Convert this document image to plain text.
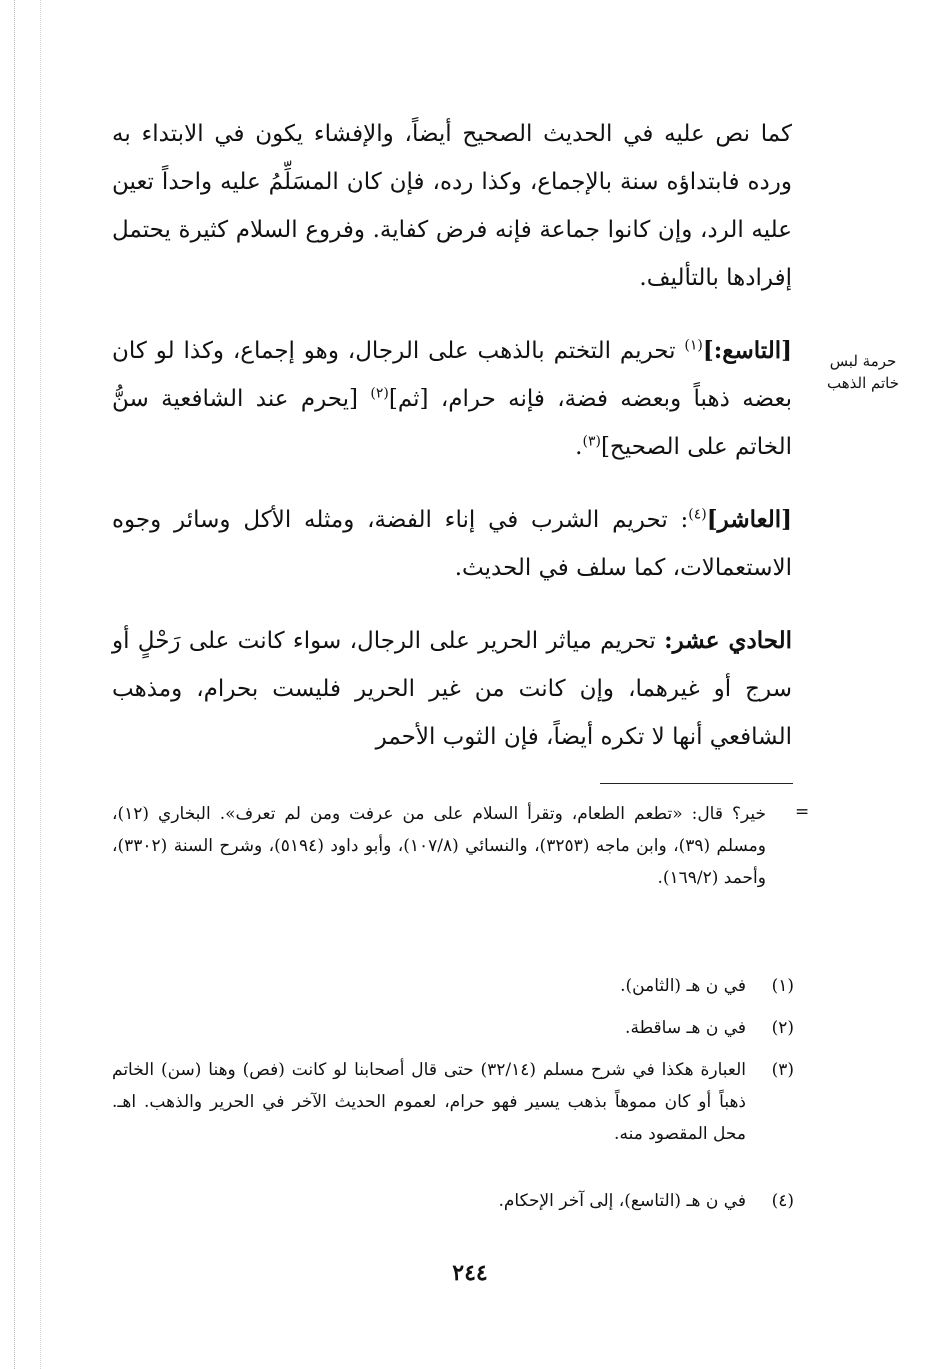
كما نص عليه في الحديث الصحيح أيضاً، والإفشاء يكون في الابتداء به ورده فابتداؤه سنة بالإجماع، وكذا رده، فإن كان المسَلِّمُ عليه واحداً تعين عليه الرد، وإن كانوا جماعة فإنه فرض كفاية. وفروع السلام كثيرة يحتمل إفرادها بالتأليف.

حرمة لبس
خاتم الذهب

[التاسع:]$^{(١)}$ تحريم التختم بالذهب على الرجال، وهو إجماع، وكذا لو كان بعضه ذهباً وبعضه فضة، فإنه حرام، [ثم]$^{(٢)}$ [يحرم عند الشافعية سنُّ الخاتم على الصحيح]$^{(٣)}$.

[العاشر]$^{(٤)}$: تحريم الشرب في إناء الفضة، ومثله الأكل وسائر وجوه الاستعمالات، كما سلف في الحديث.

الحادي عشر: تحريم مياثر الحرير على الرجال، سواء كانت على رَحْلٍ أو سرج أو غيرهما، وإن كانت من غير الحرير فليست بحرام، ومذهب الشافعي أنها لا تكره أيضاً، فإن الثوب الأحمر

=
خير؟ قال: «تطعم الطعام، وتقرأ السلام على من عرفت ومن لم تعرف». البخاري (١٢)، ومسلم (٣٩)، وابن ماجه (٣٢٥٣)، والنسائي (١٠٧/٨)، وأبو داود (٥١٩٤)، وشرح السنة (٣٣٠٢)، وأحمد (١٦٩/٢).
(١)
في ن هـ (الثامن).
(٢)
في ن هـ ساقطة.
(٣)
العبارة هكذا في شرح مسلم (٣٢/١٤) حتى قال أصحابنا لو كانت (فص) وهنا (سن) الخاتم ذهباً أو كان مموهاً بذهب يسير فهو حرام، لعموم الحديث الآخر في الحرير والذهب. اهـ. محل المقصود منه.
(٤)
في ن هـ (التاسع)، إلى آخر الإحكام.
٢٤٤
